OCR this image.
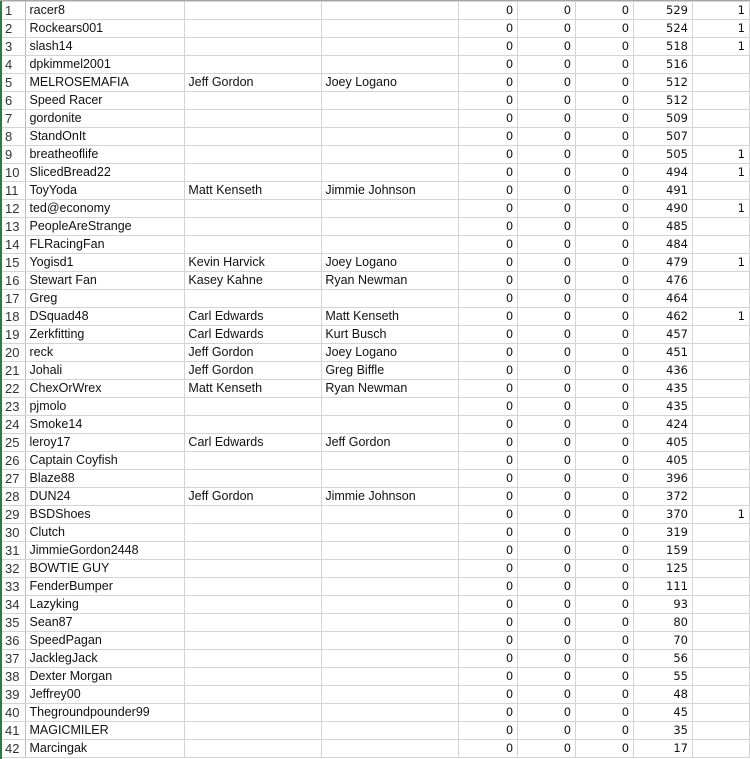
1	racer8			0	0	0	529	1
2	Rockears001			0	0	0	524	1
3	slash14			0	0	0	518	1
4	dpkimmel2001			0	0	0	516	
5	MELROSEMAFIA	Jeff Gordon	Joey Logano	0	0	0	512	
6	Speed Racer			0	0	0	512	
7	gordonite			0	0	0	509	
8	StandOnIt			0	0	0	507	
9	breatheoflife			0	0	0	505	1
10	SlicedBread22			0	0	0	494	1
11	ToyYoda	Matt Kenseth	Jimmie Johnson	0	0	0	491	
12	ted@economy			0	0	0	490	1
13	PeopleAreStrange			0	0	0	485	
14	FLRacingFan			0	0	0	484	
15	Yogisd1	Kevin Harvick	Joey Logano	0	0	0	479	1
16	Stewart Fan	Kasey Kahne	Ryan Newman	0	0	0	476	
17	Greg			0	0	0	464	
18	DSquad48	Carl Edwards	Matt Kenseth	0	0	0	462	1
19	Zerkfitting	Carl Edwards	Kurt Busch	0	0	0	457	
20	reck	Jeff Gordon	Joey Logano	0	0	0	451	
21	Johali	Jeff Gordon	Greg Biffle	0	0	0	436	
22	ChexOrWrex	Matt Kenseth	Ryan Newman	0	0	0	435	
23	pjmolo			0	0	0	435	
24	Smoke14			0	0	0	424	
25	leroy17	Carl Edwards	Jeff Gordon	0	0	0	405	
26	Captain Coyfish			0	0	0	405	
27	Blaze88			0	0	0	396	
28	DUN24	Jeff Gordon	Jimmie Johnson	0	0	0	372	
29	BSDShoes			0	0	0	370	1
30	Clutch			0	0	0	319	
31	JimmieGordon2448			0	0	0	159	
32	BOWTIE GUY			0	0	0	125	
33	FenderBumper			0	0	0	111	
34	Lazyking			0	0	0	93	
35	Sean87			0	0	0	80	
36	SpeedPagan			0	0	0	70	
37	JacklegJack			0	0	0	56	
38	Dexter Morgan			0	0	0	55	
39	Jeffrey00			0	0	0	48	
40	Thegroundpounder99			0	0	0	45	
41	MAGICMILER			0	0	0	35	
42	Marcingak			0	0	0	17	
